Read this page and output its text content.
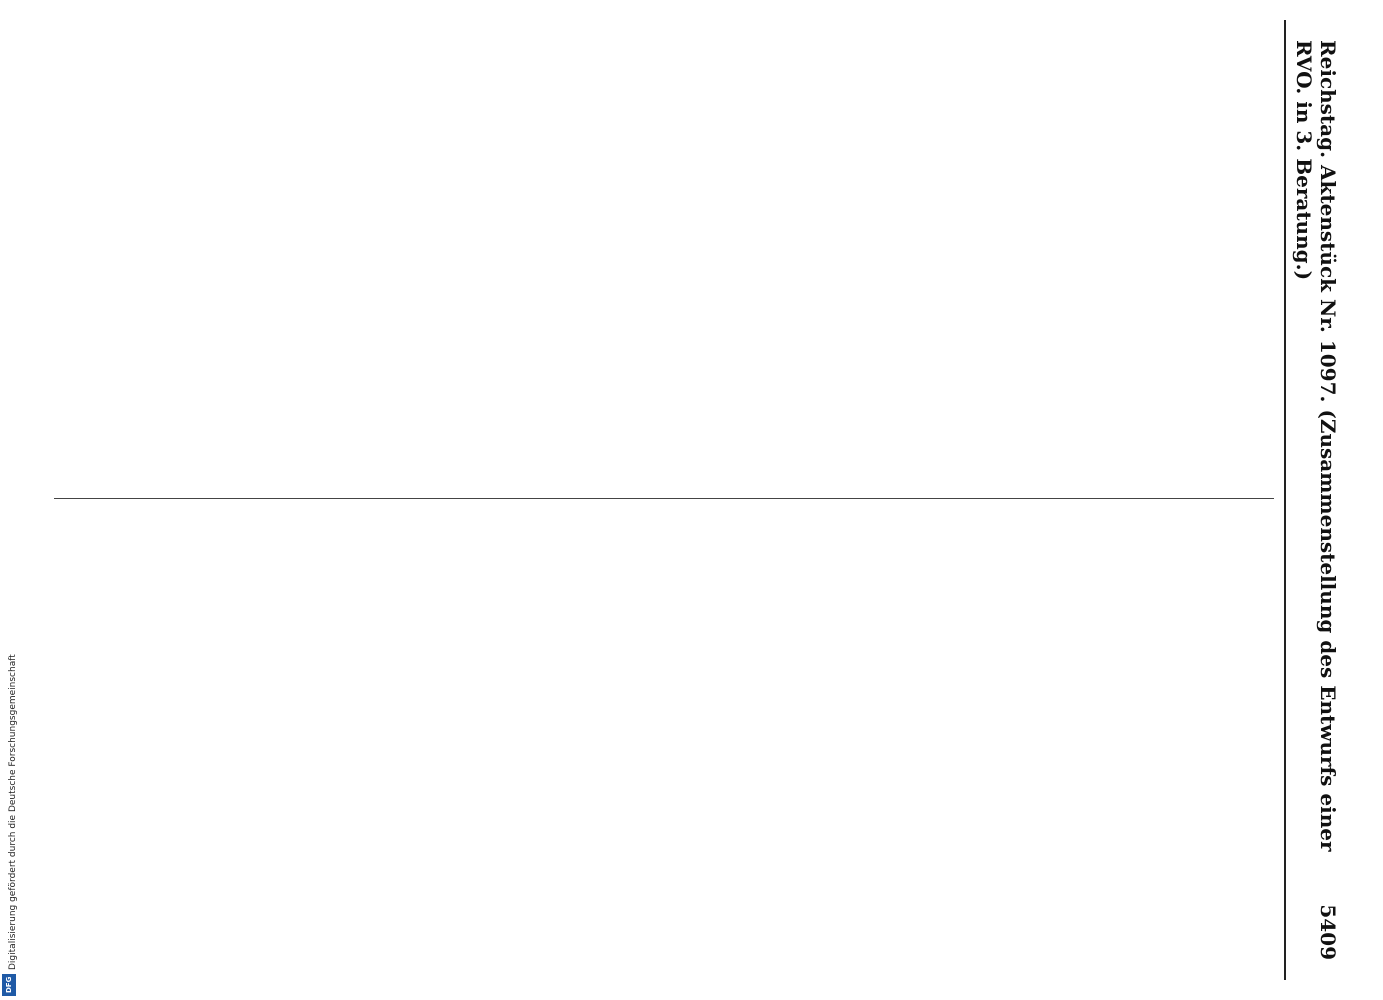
Reichstag. Aktenstück Nr. 1097. (Zusammenstellung des Entwurfs einer RVO. in 3. Beratung.)
5409
Digitalisierung gefördert durch die Deutsche Forschungsgemeinschaft
DFG
